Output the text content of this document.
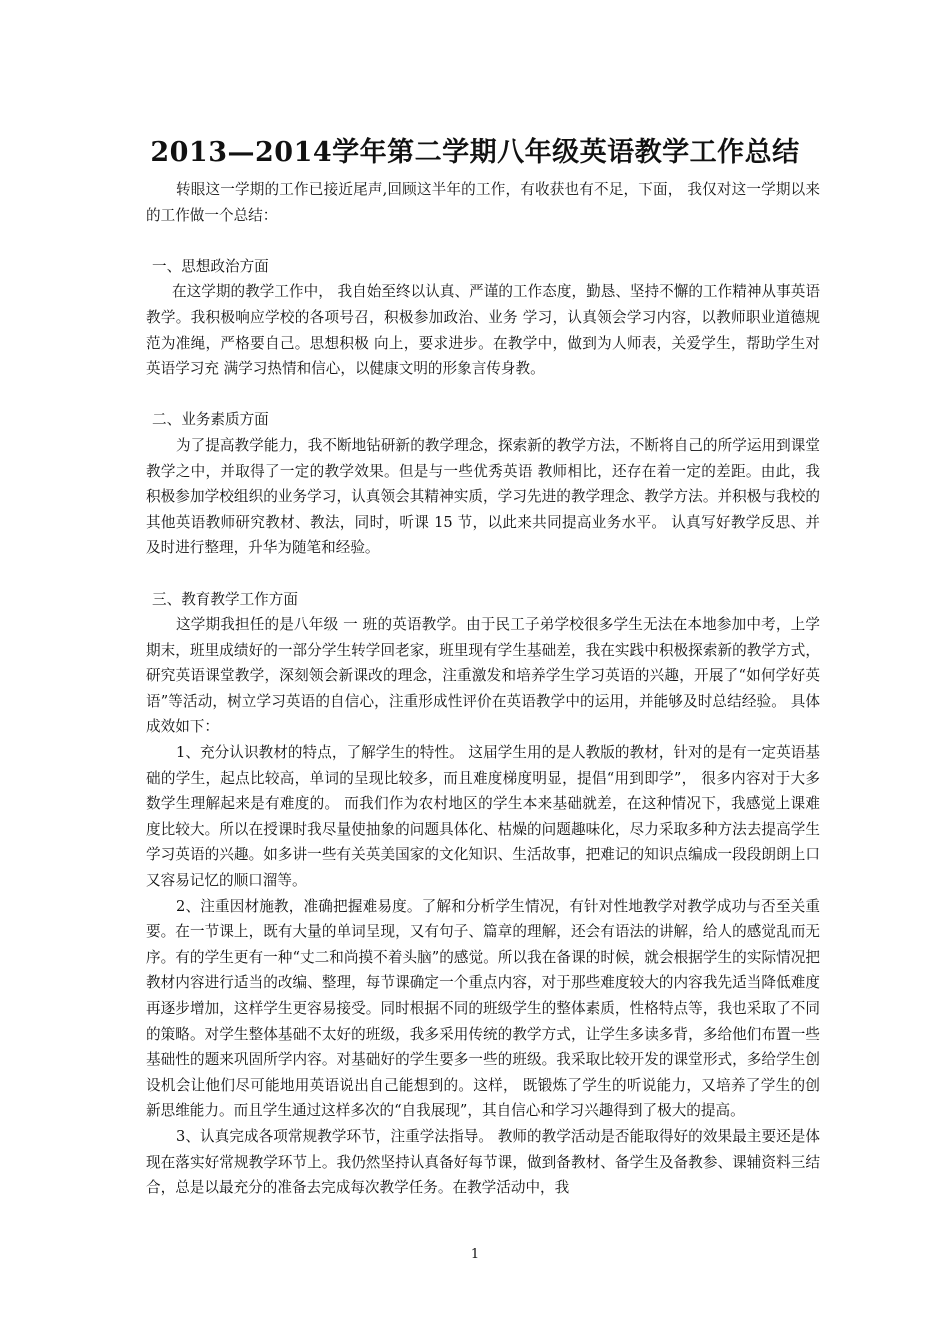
2013—2014学年第二学期八年级英语教学工作总结

转眼这一学期的工作已接近尾声,回顾这半年的工作，有收获也有不足，下面， 我仅对这一学期以来的工作做一个总结：

一、思想政治方面

在这学期的教学工作中， 我自始至终以认真、严谨的工作态度，勤恳、坚持不懈的工作精神从事英语教学。我积极响应学校的各项号召，积极参加政治、业务 学习，认真领会学习内容，以教师职业道德规范为准绳，严格要自己。思想积极 向上，要求进步。在教学中，做到为人师表，关爱学生，帮助学生对英语学习充 满学习热情和信心，以健康文明的形象言传身教。

二、业务素质方面

为了提高教学能力，我不断地钻研新的教学理念，探索新的教学方法，不断将自己的所学运用到课堂教学之中，并取得了一定的教学效果。但是与一些优秀英语 教师相比，还存在着一定的差距。由此，我积极参加学校组织的业务学习，认真领会其精神实质，学习先进的教学理念、教学方法。并积极与我校的其他英语教师研究教材、教法，同时，听课 15 节，以此来共同提高业务水平。 认真写好教学反思、并及时进行整理，升华为随笔和经验。

三、教育教学工作方面

这学期我担任的是八年级 一 班的英语教学。由于民工子弟学校很多学生无法在本地参加中考，上学期末，班里成绩好的一部分学生转学回老家，班里现有学生基础差，我在实践中积极探索新的教学方式，研究英语课堂教学，深刻领会新课改的理念，注重激发和培养学生学习英语的兴趣，开展了“如何学好英语”等活动，树立学习英语的自信心，注重形成性评价在英语教学中的运用，并能够及时总结经验。 具体成效如下：

1、充分认识教材的特点，了解学生的特性。 这届学生用的是人教版的教材，针对的是有一定英语基础的学生，起点比较高，单词的呈现比较多，而且难度梯度明显，提倡“用到即学”， 很多内容对于大多数学生理解起来是有难度的。 而我们作为农村地区的学生本来基础就差，在这种情况下，我感觉上课难度比较大。所以在授课时我尽量使抽象的问题具体化、枯燥的问题趣味化，尽力采取多种方法去提高学生学习英语的兴趣。如多讲一些有关英美国家的文化知识、生活故事，把难记的知识点编成一段段朗朗上口又容易记忆的顺口溜等。

2、注重因材施教，准确把握难易度。了解和分析学生情况，有针对性地教学对教学成功与否至关重要。在一节课上，既有大量的单词呈现，又有句子、篇章的理解，还会有语法的讲解，给人的感觉乱而无序。有的学生更有一种“丈二和尚摸不着头脑”的感觉。所以我在备课的时候，就会根据学生的实际情况把教材内容进行适当的改编、整理，每节课确定一个重点内容，对于那些难度较大的内容我先适当降低难度再逐步增加，这样学生更容易接受。同时根据不同的班级学生的整体素质，性格特点等，我也采取了不同的策略。对学生整体基础不太好的班级，我多采用传统的教学方式，让学生多读多背，多给他们布置一些基础性的题来巩固所学内容。对基础好的学生要多一些的班级。我采取比较开发的课堂形式，多给学生创设机会让他们尽可能地用英语说出自己能想到的。这样， 既锻炼了学生的听说能力，又培养了学生的创新思维能力。而且学生通过这样多次的“自我展现”，其自信心和学习兴趣得到了极大的提高。

3、认真完成各项常规教学环节，注重学法指导。 教师的教学活动是否能取得好的效果最主要还是体现在落实好常规教学环节上。我仍然坚持认真备好每节课，做到备教材、备学生及备教参、课辅资料三结合，总是以最充分的准备去完成每次教学任务。在教学活动中，我

1
